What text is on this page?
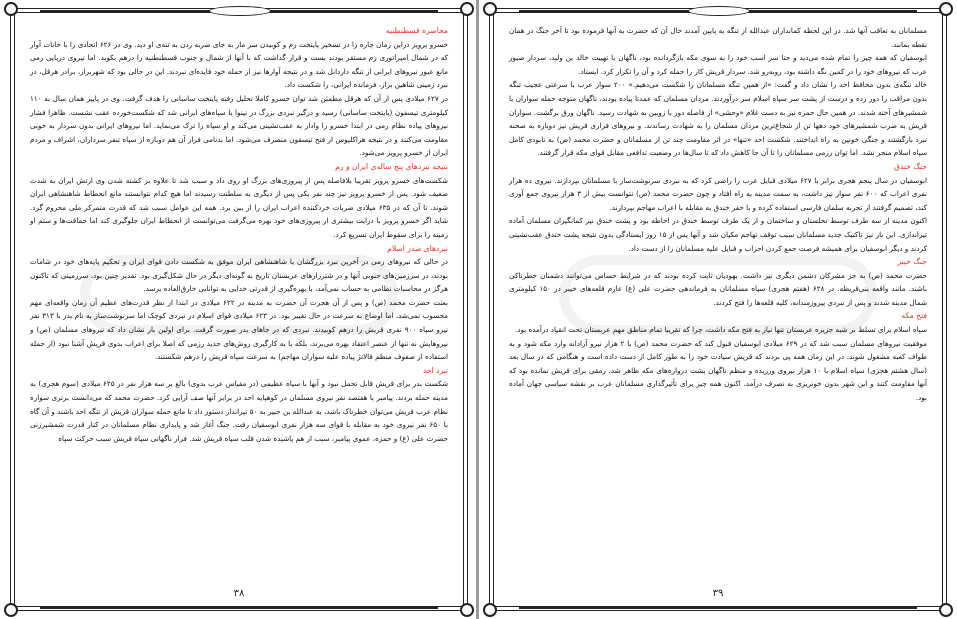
محاصره قسطنطنیه

خسرو پرویز دراین زمان چاره را در تسخیر پایتخت رم و کوبیدن سر مار به جای ضربه زدن به تنه‌ی او دید. وی در ۶۲۶ اتحادی را با خانات آوار که در شمال امپراتوری رم مستقر بودند بست و قرار گذاشت که با آنها از شمال و جنوب قسطنطنیه را درهم بکوبد. اما نیروی دریایی رمی مانع عبور نیروهای ایرانی از تنگه داردانل شد و در نتیجه آوارها نیز از حمله خود فایده‌ای نبردند. این در حالی بود که شهربراز، برادر هرقل، در نبرد زمینی شاهین براز، فرمانده ایرانی، را شکست داد.

در ۶۲۷ میلادی پس از آن که هرقل مطمئن شد توان خسرو کاملا تحلیل رفته پایتخت ساسانی را هدف گرفت. وی در پاییز همان سال به ۱۱۰ کیلومتری تیسفون (پایتخت ساسانی) رسید و درگیر نبردی بزرگ در نینوا با سپاه‌های ایرانی شد که شکست‌خورده عقب نشست. ظاهرا فشار نیروهای پیاده نظام رمی در ابتدا خسرو را وادار به عقب‌نشینی می‌کند و او سپاه را ترک می‌نماید. اما نیروهای ایرانی بدون سردار به خوبی مقاومت می‌کنند و در نتیجه هراکلیوس از فتح تیسفون منصرف می‌شود. اما بدنامی فرار آن هم دوباره از سپاه تنفر سرداران، اشراف و مردم ایران از خسرو پرویز می‌شود.

نتیجه نبردهای پنج ساله‌ی ایران و رم

شکست‌های خسرو پرویز تقریبا بلافاصله پس از پیروزی‌های بزرگ او روی داد و سبب شد تا علاوه بر کشته شدن وی ارتش ایران به شدت ضعیف شود. پس از خسرو پرویز نیز چند نفر یکی پس از دیگری به سلطنت رسیدند اما هیچ کدام نتوانستند مانع انحطاط شاهنشاهی ایران شوند. تا آن که در ۶۳۵ میلادی ضربات خردکننده اعراب ایران را از بین برد. همه این عوامل سبب شد که قدرت متمرکز ملی محروم گرد. شاید اگر خسرو پرویز با درایت بیشتری از پیروزی‌های خود بهره می‌گرفت می‌توانست از انحطاط ایران جلوگیری کند اما حماقت‌ها و ستم او زمینه را برای سقوط ایران تسریع کرد.

نبردهای صدر اسلام

در حالی که نیروهای رمی در آخرین نبرد بزرگشان با شاهنشاهی ایران موفق به شکست دادن قوای ایران و تحکیم پایه‌های خود در شامات بودند، در سرزمین‌های جنوبی آنها و در شترزارهای عربستان تاریخ به گونه‌ای دیگر در حال شکل‌گیری بود. تقدیر چنین بود، سرزمینی که تاکنون هرگز در محاسبات نظامی به حساب نمی‌آمد، با بهره‌گیری از قدرتی خدایی به توانایی خارق‌العاده برسد.

بعثت حضرت محمد (ص) و پس از آن هجرت آن حضرت به مدینه در ۶۲۲ میلادی در ابتدا از نظر قدرت‌های عظیم آن زمان واقعه‌ای مهم محسوب نمی‌شد. اما اوضاع به سرعت در حال تغییر بود. در ۶۲۳ میلادی قوای اسلام در نبردی کوچک اما سرنوشت‌ساز به نام بدر با ۳۱۳ نفر نیرو سپاه ۹۰۰ نفری قریش را درهم کوبیدند. نبردی که در جاهای بدر صورت گرفت. برای اولین بار نشان داد که نیروهای مسلمان (ص) و نیروهایش نه تنها از عنصر اعتقاد بهره می‌برند، بلکه با به کارگیری روش‌های جدید رزمی که اصلا برای اعراب بدوی قریش آشنا نبود (از جمله استفاده از صفوف منظم فالانژ پیاده علیه سواران مهاجم) به سرعت سپاه قریش را درهم شکستند.

نبرد احد

شکست بدر برای قریش قابل تحمل نبود و آنها با سپاه عظیمی (در مقیاس عرب بدوی) بالغ بر سه هزار نفر در ۶۲۵ میلادی (سوم هجری) به مدینه حمله بردند. پیامبر با هفتصد نفر نیروی مسلمان در کوهپایه احد در برابر آنها صف آرایی کرد. حضرت محمد که می‌دانست برتری سواره نظام عرب قریش می‌توان خطرناک باشد، به عبدالله بن جبیر به ۵۰ تیرانداز دستور داد تا مانع حمله سواران قریش از تنگه احد باشند و آن گاه با ۶۵۰ نفر نیروی خود به مقابله با قوای سه هزار نفری ابوسفیان رفت. جنگ آغاز شد و پایداری نظام مسلمانان در کنار قدرت شمشیرزنی حضرت علی (ع) و حمزه، عموی پیامبر، سبب از هم پاشیده شدن قلب سپاه قریش شد. فرار ناگهانی سپاه قریش سبب حرکت سپاه

۳۸

مسلمانان به تعاقب آنها شد. در این لحظه کمانداران عبدالله از تنگه به پایین آمدند حال آن که حضرت به آنها فرموده بود تا آخر جنگ در همان نقطه بمانند.

ابوسفیان که همه چیز را تمام شده می‌دید و حتا سر اسب خود را به سوی مکه بازگردانده بود، ناگهان با تهییت خالد بن ولید، سردار صبور عرب که نیروهای خود را در کمین نگه داشته بود، روبه‌رو شد. سردار قریش کار را حمله کرد و آن را تکرار کرد. ایستاد.

خالد تنگه‌ی بدون محافظ احد را نشان داد و گفت: «از همین تنگه مسلمانان را شکست می‌دهیم.» ۲۰۰ سوار عرب با سرعتی عجیب تنگه بدون مراقب را دور زده و درست از پشت سر سپاه اسلام سر درآوردند. مردان مسلمان که عمدتا پیاده بودند، ناگهان متوجه حمله سواران با شمشیرهای آخته شدند. در همین حال حمزه نیز به دست غلام «وحشی» از فاصله دور با زوبین به شهادت رسید. ناگهان ورق برگشت. سواران قریش به ضرب شمشیرهای خود دهها تن از شجاع‌ترین مردان مسلمان را به شهادت رساندند. و نیروهای فراری قریش نیز دوباره به صحنه نبرد بازگشتند و جنگی خونین به راه انداختند. شکست احد «تنها» در اثر مقاومت چند تن از مسلمانان و حضرت محمد (ص) به نابودی کامل سپاه اسلام منجر نشد. اما توان رزمی مسلمانان را تا آن جا کاهش داد که تا سال‌ها در وضعیت تدافعی مقابل قوای مکه قرار گرفتند.

جنگ خندق

ابوسفیان در سال پنجم هجری برابر با ۶۲۷ میلادی قبایل عرب را راضی کرد که به نبردی سرنوشت‌ساز با مسلمانان بپردازند. نیروی ده هزار نفری اعراب که ۶۰۰ نفر سوار نیز داشت، به سمت مدینه به راه افتاد و چون حضرت محمد (ص) نتوانست بیش از ۳ هزار نیروی جمع آوری کند، تصمیم گرفتند از تجربه سلمان فارسی استفاده کرده و با حفر خندق به مقابله با اعراب مهاجم بپردازند.

اکنون مدینه از سه طرف توسط نخلستان و ساختمان و از یک طرف توسط خندق در احاطه بود و پشت خندق نیز کمانگیران مسلمان آماده تیراندازی. این بار نیز تاکتیک جدید مسلمانان سبب توقف تهاجم مکیان شد و آنها پس از ۱۵ روز ایستادگی بدون نتیجه پشت خندق عقب‌نشینی کردند و دیگر ابوسفیان برای همیشه فرصت جمع کردن احزاب و قبایل علیه مسلمانان را از دست داد.

جنگ خیبر

حضرت محمد (ص) به جز مشرکان دشمن دیگری نیز داشت. یهودیان ثابت کرده بودند که در شرایط حساس می‌توانند دشمنان خطرناکی باشند. مانند واقعه بنی‌قریظه. در ۶۲۸ (هفتم هجری) سپاه مسلمانان به فرماندهی حضرت علی (ع) عازم قلعه‌های خیبر در ۱۵۰ کیلومتری شمال مدینه شدند و پس از نبردی پیروزمندانه، کلیه قلعه‌ها را فتح کردند.

فتح مکه

سپاه اسلام برای تسلط بر شبه جزیره عربستان تنها نیاز به فتح مکه داشت، چرا که تقریبا تمام مناطق مهم عربستان تحت انقیاد درآمده بود.

موفقیت نیروهای مسلمان سبب شد که در ۶۲۹ میلادی ابوسفیان قبول کند که حضرت محمد (ص) با ۲ هزار نیرو آزادانه وارد مکه شود و به طواف کعبه مشغول شوند. در این زمان همه پی بردند که قریش سیادت خود را به طور کامل از دست داده است و هنگامی که در سال بعد (سال هشتم هجری) سپاه اسلام با ۱۰ هزار نیروی ورزیده و منظم ناگهان پشت دروازه‌های مکه ظاهر شد، رمقی برای قریش نمانده بود که آنها مقاومت کنند و این شهر بدون خونریزی به تصرف درآمد. اکنون همه چیز برای تأثیرگذاری مسلمانان عرب بر نقشه سیاسی جهان آماده بود.

۳۹
